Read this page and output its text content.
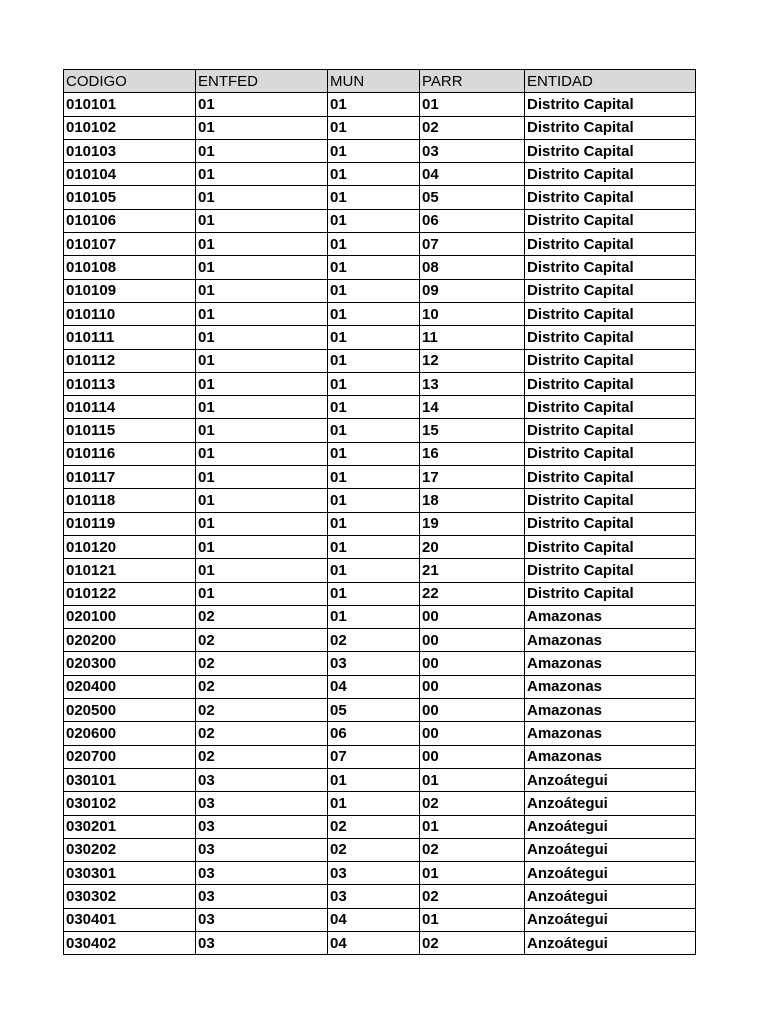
CODIGO	ENTFED	MUN	PARR	ENTIDAD
010101	01	01	01	Distrito Capital
010102	01	01	02	Distrito Capital
010103	01	01	03	Distrito Capital
010104	01	01	04	Distrito Capital
010105	01	01	05	Distrito Capital
010106	01	01	06	Distrito Capital
010107	01	01	07	Distrito Capital
010108	01	01	08	Distrito Capital
010109	01	01	09	Distrito Capital
010110	01	01	10	Distrito Capital
010111	01	01	11	Distrito Capital
010112	01	01	12	Distrito Capital
010113	01	01	13	Distrito Capital
010114	01	01	14	Distrito Capital
010115	01	01	15	Distrito Capital
010116	01	01	16	Distrito Capital
010117	01	01	17	Distrito Capital
010118	01	01	18	Distrito Capital
010119	01	01	19	Distrito Capital
010120	01	01	20	Distrito Capital
010121	01	01	21	Distrito Capital
010122	01	01	22	Distrito Capital
020100	02	01	00	Amazonas
020200	02	02	00	Amazonas
020300	02	03	00	Amazonas
020400	02	04	00	Amazonas
020500	02	05	00	Amazonas
020600	02	06	00	Amazonas
020700	02	07	00	Amazonas
030101	03	01	01	Anzoátegui
030102	03	01	02	Anzoátegui
030201	03	02	01	Anzoátegui
030202	03	02	02	Anzoátegui
030301	03	03	01	Anzoátegui
030302	03	03	02	Anzoátegui
030401	03	04	01	Anzoátegui
030402	03	04	02	Anzoátegui
